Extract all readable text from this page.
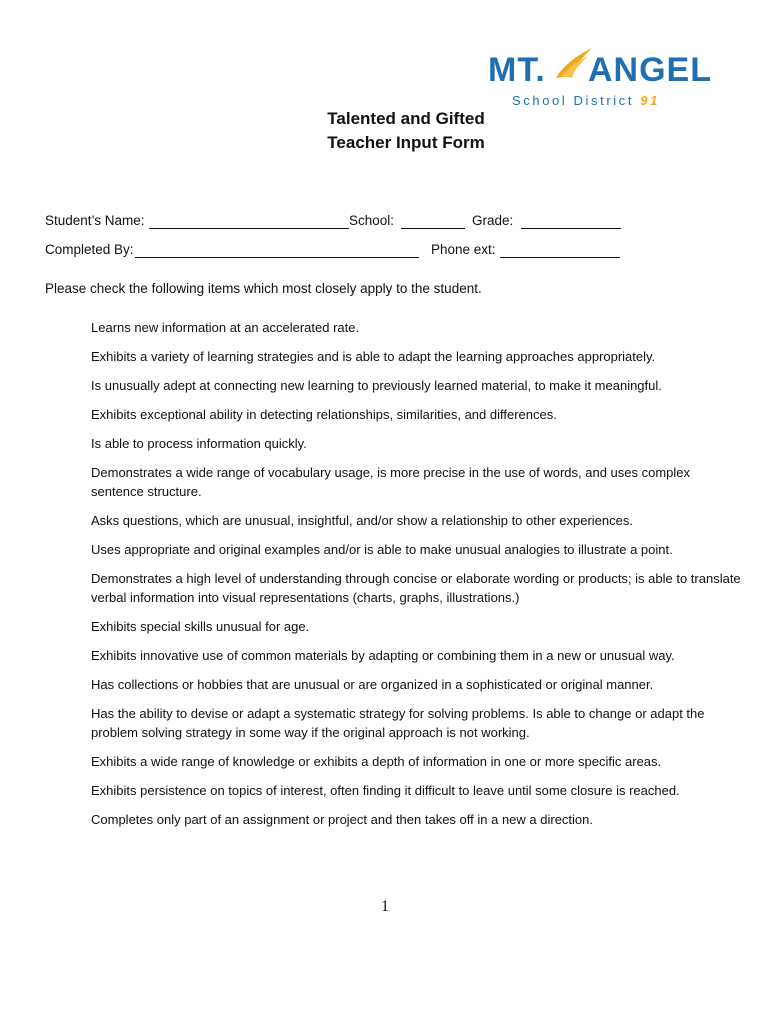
MT. ANGEL
School District 91
Talented and Gifted
Teacher Input Form
Student’s Name:	School:	Grade:
Completed By:	Phone ext:
Please check the following items which most closely apply to the student.
Learns new information at an accelerated rate.
Exhibits a variety of learning strategies and is able to adapt the learning approaches appropriately.
Is unusually adept at connecting new learning to previously learned material, to make it meaningful.
Exhibits exceptional ability in detecting relationships, similarities, and differences.
Is able to process information quickly.
Demonstrates a wide range of vocabulary usage, is more precise in the use of words, and uses complex sentence structure.
Asks questions, which are unusual, insightful, and/or show a relationship to other experiences.
Uses appropriate and original examples and/or is able to make unusual analogies to illustrate a point.
Demonstrates a high level of understanding through concise or elaborate wording or products; is able to translate verbal information into visual representations (charts, graphs, illustrations.)
Exhibits special skills unusual for age.
Exhibits innovative use of common materials by adapting or combining them in a new or unusual way.
Has collections or hobbies that are unusual or are organized in a sophisticated or original manner.
Has the ability to devise or adapt a systematic strategy for solving problems. Is able to change or adapt the problem solving strategy in some way if the original approach is not working.
Exhibits a wide range of knowledge or exhibits a depth of information in one or more specific areas.
Exhibits persistence on topics of interest, often finding it difficult to leave until some closure is reached.
Completes only part of an assignment or project and then takes off in a new a direction.
1
